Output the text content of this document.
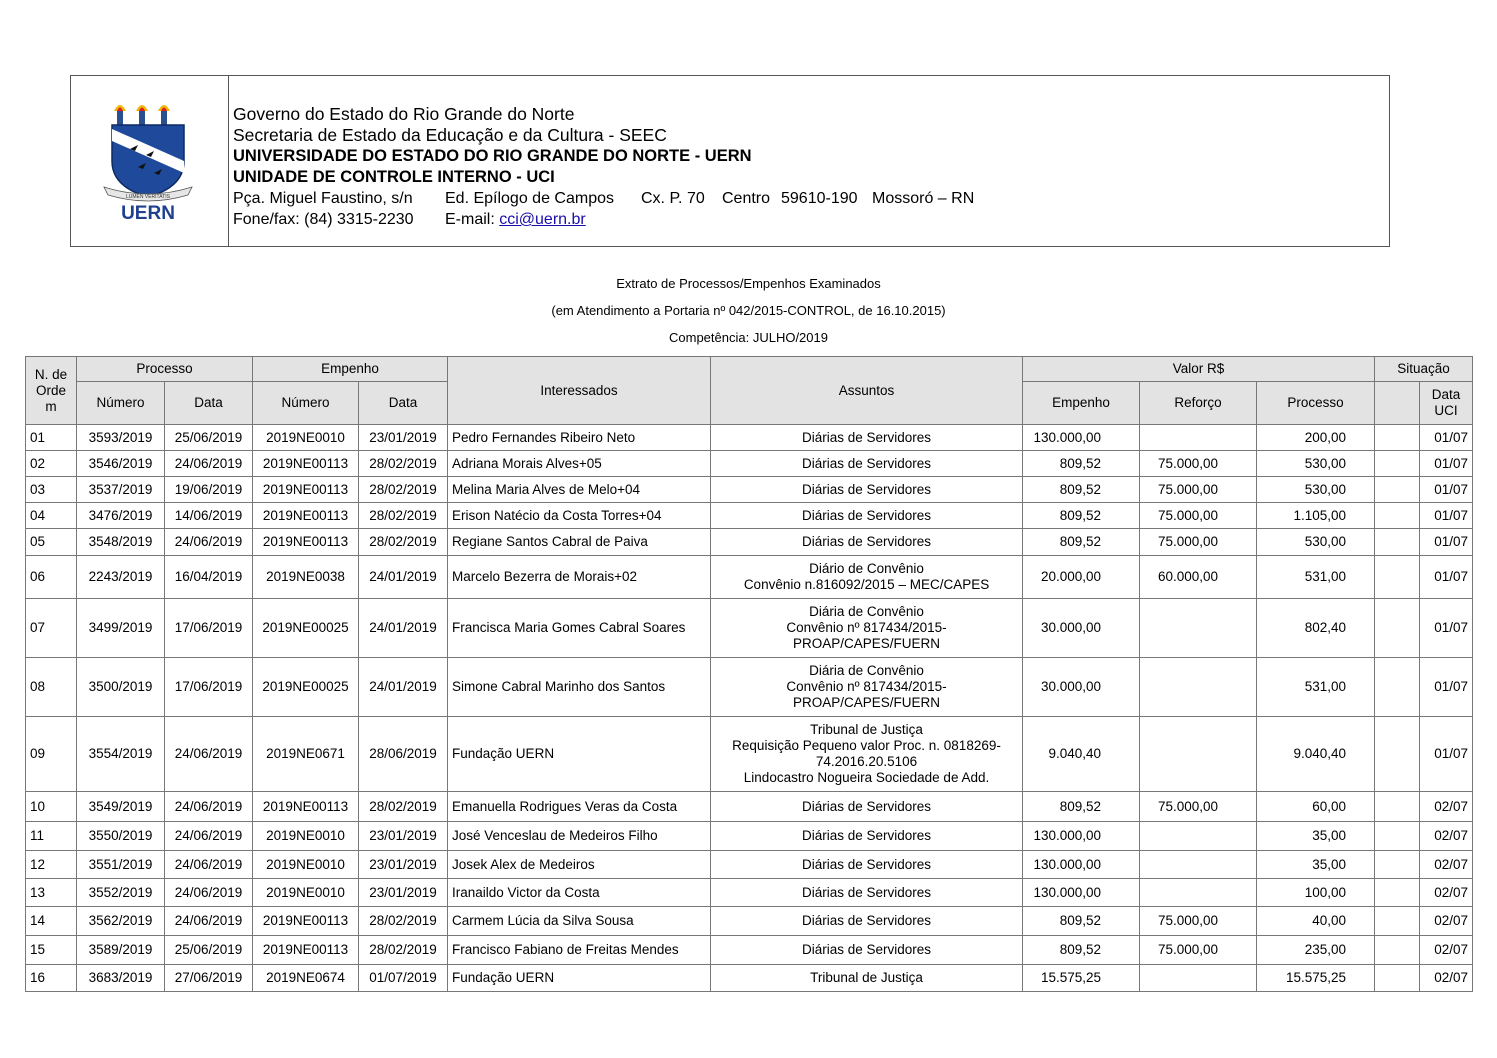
LUMEN VERITATIS
UERN
Governo do Estado do Rio Grande do Norte
Secretaria de Estado da Educação e da Cultura - SEEC
UNIVERSIDADE DO ESTADO DO RIO GRANDE DO NORTE - UERN
UNIDADE DE CONTROLE INTERNO - UCI
Pça. Miguel Faustino, s/n Ed. Epílogo de Campos Cx. P. 70 Centro 59610-190 Mossoró – RN
Fone/fax: (84) 3315-2230 E-mail: cci@uern.br
Extrato de Processos/Empenhos Examinados
(em Atendimento a Portaria nº 042/2015-CONTROL, de 16.10.2015)
Competência: JULHO/2019
N. de Orde m	Processo		Empenho		Interessados	Assuntos	Valor R$			Situação	
	Número	Data	Número	Data			Empenho	Reforço	Processo		Data UCI
01	3593/2019	25/06/2019	2019NE0010	23/01/2019	Pedro Fernandes Ribeiro Neto	Diárias de Servidores	130.000,00		200,00		01/07
02	3546/2019	24/06/2019	2019NE00113	28/02/2019	Adriana Morais Alves+05	Diárias de Servidores	809,52	75.000,00	530,00		01/07
03	3537/2019	19/06/2019	2019NE00113	28/02/2019	Melina Maria Alves de Melo+04	Diárias de Servidores	809,52	75.000,00	530,00		01/07
04	3476/2019	14/06/2019	2019NE00113	28/02/2019	Erison Natécio da Costa Torres+04	Diárias de Servidores	809,52	75.000,00	1.105,00		01/07
05	3548/2019	24/06/2019	2019NE00113	28/02/2019	Regiane Santos Cabral de Paiva	Diárias de Servidores	809,52	75.000,00	530,00		01/07
06	2243/2019	16/04/2019	2019NE0038	24/01/2019	Marcelo Bezerra de Morais+02	Diário de Convênio
Convênio n.816092/2015 – MEC/CAPES	20.000,00	60.000,00	531,00		01/07
07	3499/2019	17/06/2019	2019NE00025	24/01/2019	Francisca Maria Gomes Cabral Soares	Diária de Convênio
Convênio nº 817434/2015-
PROAP/CAPES/FUERN	30.000,00		802,40		01/07
08	3500/2019	17/06/2019	2019NE00025	24/01/2019	Simone Cabral Marinho dos Santos	Diária de Convênio
Convênio nº 817434/2015-
PROAP/CAPES/FUERN	30.000,00		531,00		01/07
09	3554/2019	24/06/2019	2019NE0671	28/06/2019	Fundação UERN	Tribunal de Justiça
Requisição Pequeno valor Proc. n. 0818269-
74.2016.20.5106
Lindocastro Nogueira Sociedade de Add.	9.040,40		9.040,40		01/07
10	3549/2019	24/06/2019	2019NE00113	28/02/2019	Emanuella Rodrigues Veras da Costa	Diárias de Servidores	809,52	75.000,00	60,00		02/07
11	3550/2019	24/06/2019	2019NE0010	23/01/2019	José Venceslau de Medeiros Filho	Diárias de Servidores	130.000,00		35,00		02/07
12	3551/2019	24/06/2019	2019NE0010	23/01/2019	Josek Alex de Medeiros	Diárias de Servidores	130.000,00		35,00		02/07
13	3552/2019	24/06/2019	2019NE0010	23/01/2019	Iranaildo Victor da Costa	Diárias de Servidores	130.000,00		100,00		02/07
14	3562/2019	24/06/2019	2019NE00113	28/02/2019	Carmem Lúcia da Silva Sousa	Diárias de Servidores	809,52	75.000,00	40,00		02/07
15	3589/2019	25/06/2019	2019NE00113	28/02/2019	Francisco Fabiano de Freitas Mendes	Diárias de Servidores	809,52	75.000,00	235,00		02/07
16	3683/2019	27/06/2019	2019NE0674	01/07/2019	Fundação UERN	Tribunal de Justiça	15.575,25		15.575,25		02/07
